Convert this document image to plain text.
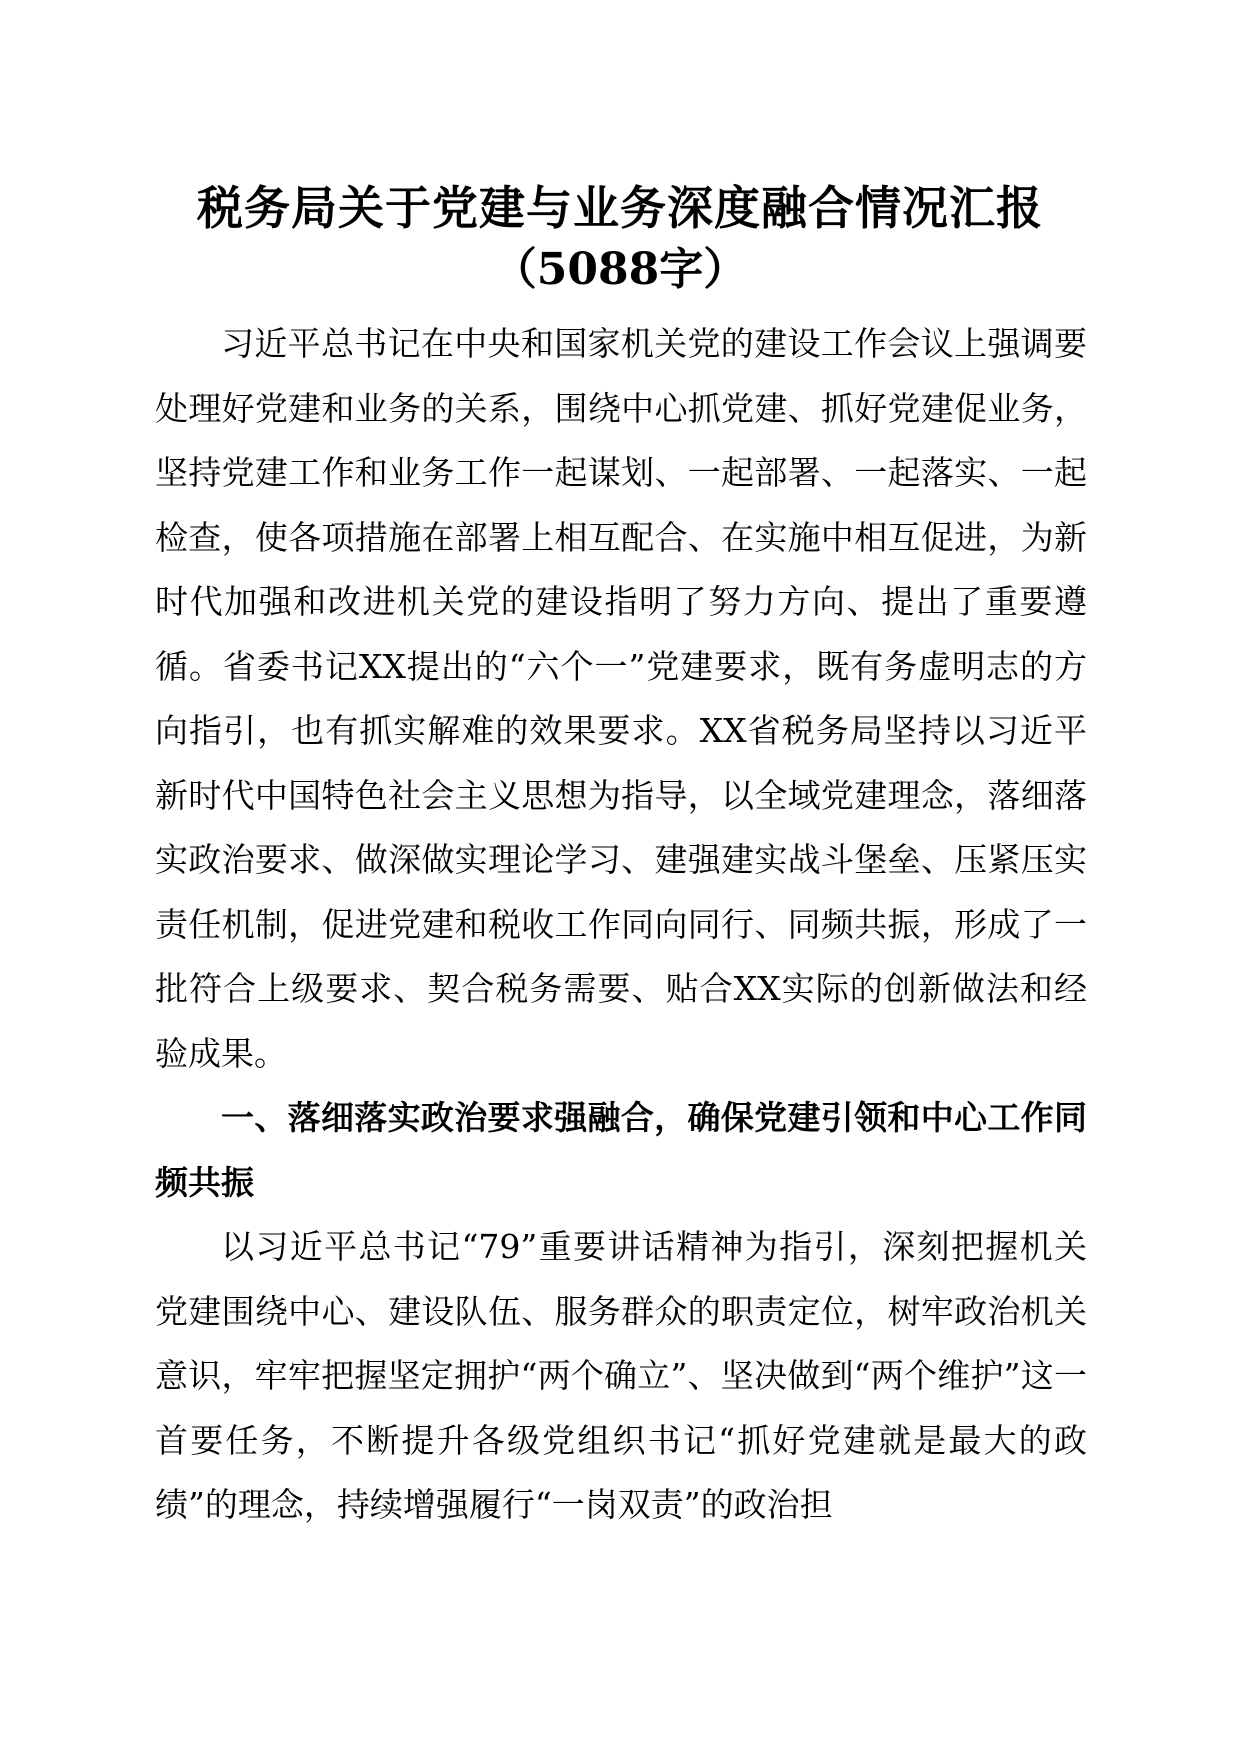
税务局关于党建与业务深度融合情况汇报

（5088字）

习近平总书记在中央和国家机关党的建设工作会议上强调要处理好党建和业务的关系，围绕中心抓党建、抓好党建促业务，坚持党建工作和业务工作一起谋划、一起部署、一起落实、一起检查，使各项措施在部署上相互配合、在实施中相互促进，为新时代加强和改进机关党的建设指明了努力方向、提出了重要遵循。省委书记XX提出的“六个一”党建要求，既有务虚明志的方向指引，也有抓实解难的效果要求。XX省税务局坚持以习近平新时代中国特色社会主义思想为指导，以全域党建理念，落细落实政治要求、做深做实理论学习、建强建实战斗堡垒、压紧压实责任机制，促进党建和税收工作同向同行、同频共振，形成了一批符合上级要求、契合税务需要、贴合XX实际的创新做法和经验成果。

一、落细落实政治要求强融合，确保党建引领和中心工作同频共振

以习近平总书记“79”重要讲话精神为指引，深刻把握机关党建围绕中心、建设队伍、服务群众的职责定位，树牢政治机关意识，牢牢把握坚定拥护“两个确立”、坚决做到“两个维护”这一首要任务，不断提升各级党组织书记“抓好党建就是最大的政绩”的理念，持续增强履行“一岗双责”的政治担
